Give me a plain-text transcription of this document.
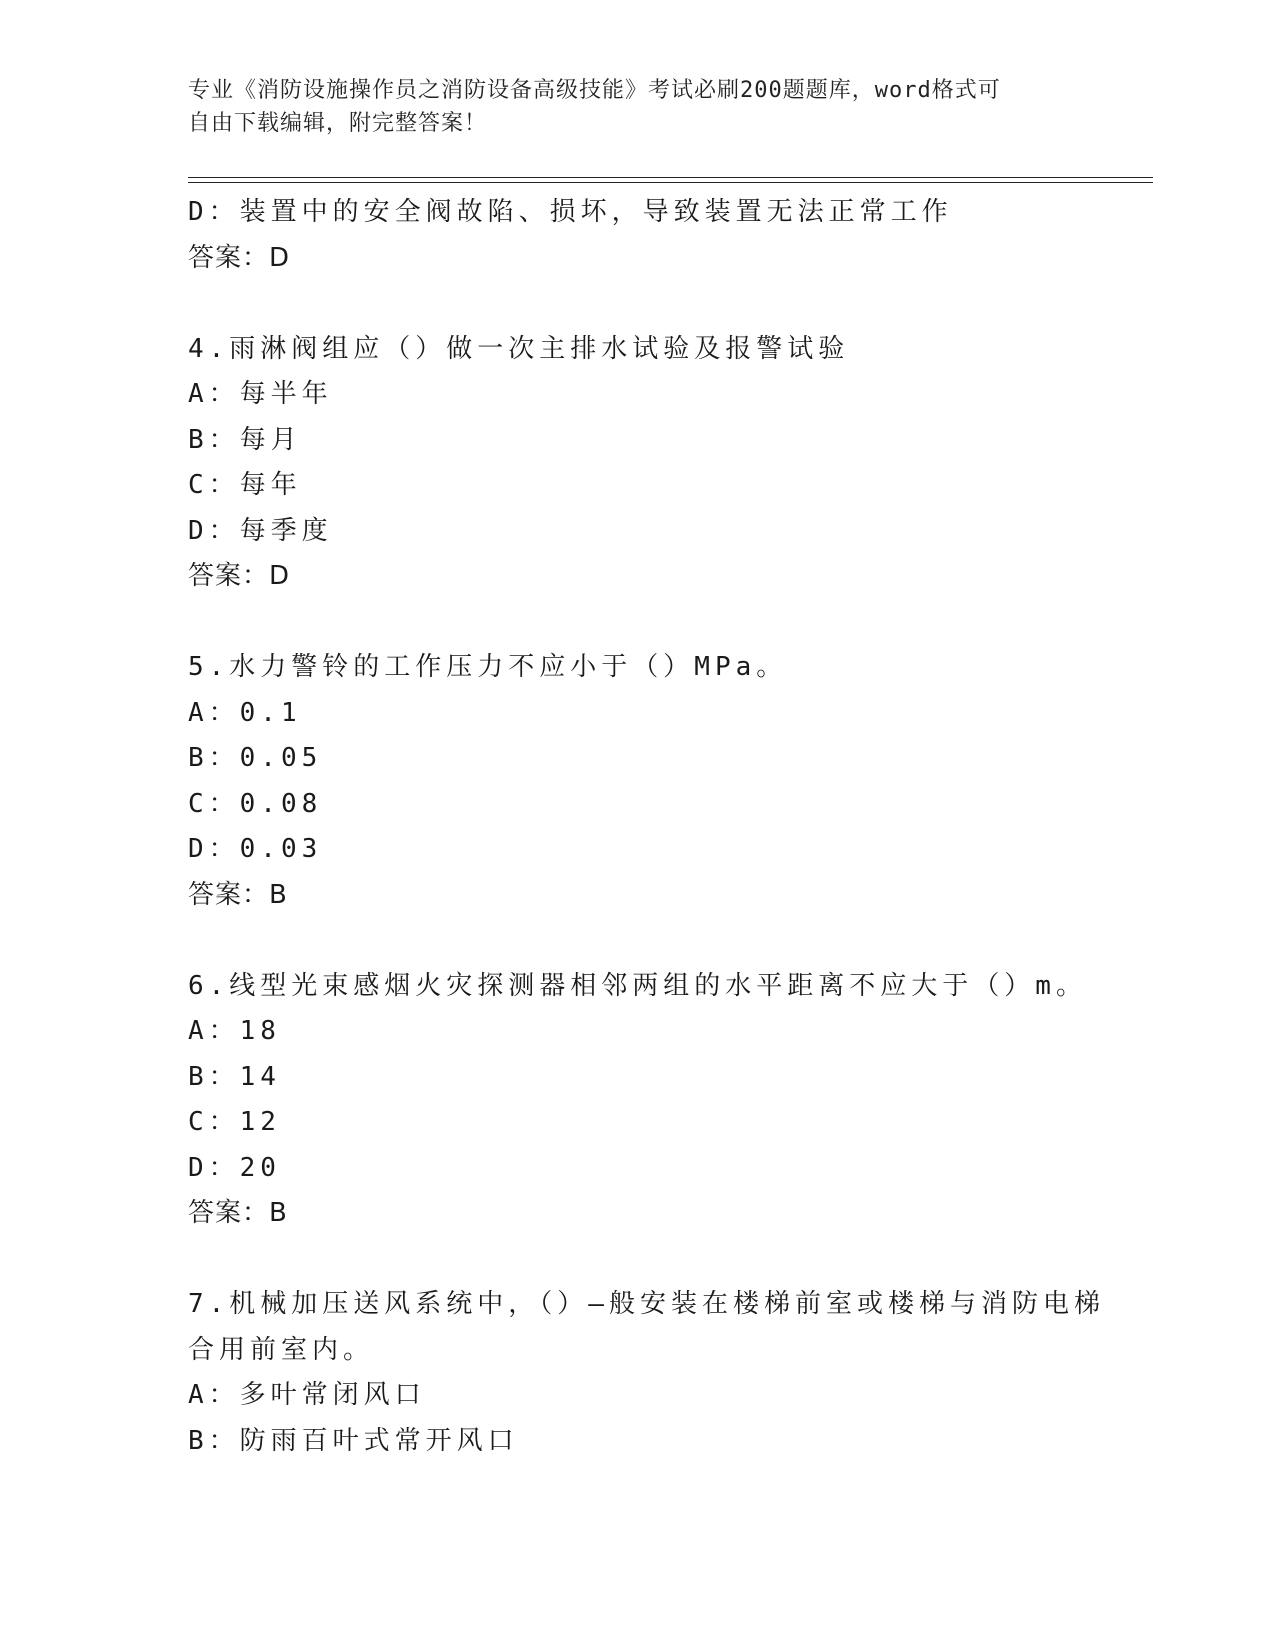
专业《消防设施操作员之消防设备高级技能》考试必刷200题题库，word格式可
自由下载编辑，附完整答案！
D：装置中的安全阀故陷、损坏，导致装置无法正常工作
答案：D
4.雨淋阀组应（）做一次主排水试验及报警试验
A：每半年
B：每月
C：每年
D：每季度
答案：D
5.水力警铃的工作压力不应小于（）MPa。
A：0.1
B：0.05
C：0.08
D：0.03
答案：B
6.线型光束感烟火灾探测器相邻两组的水平距离不应大于（）m。
A：18
B：14
C：12
D：20
答案：B
7.机械加压送风系统中，（）—般安装在楼梯前室或楼梯与消防电梯
合用前室内。
A：多叶常闭风口
B：防雨百叶式常开风口
